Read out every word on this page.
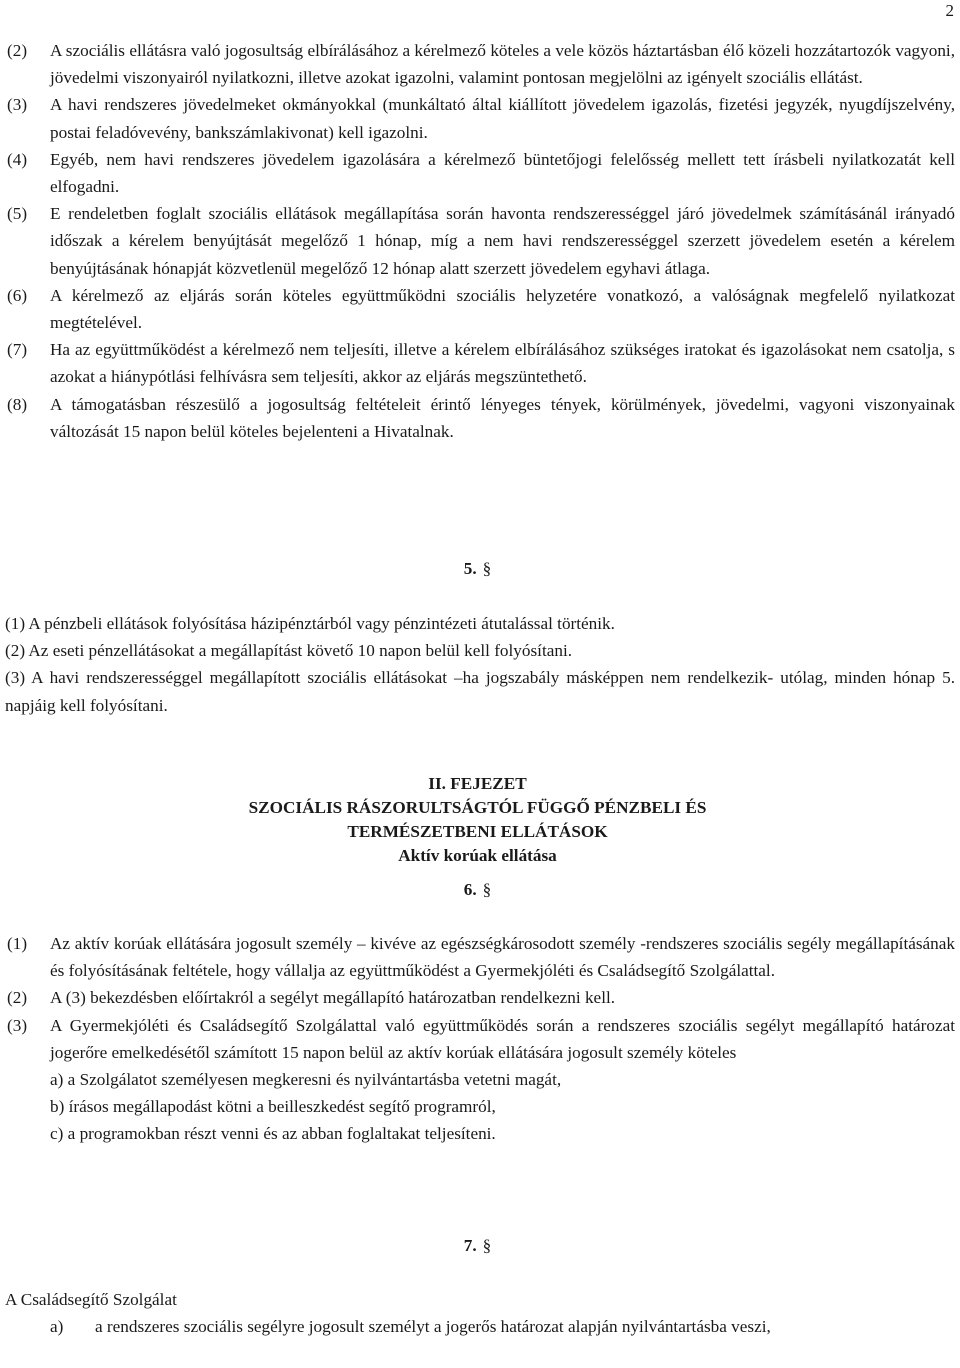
2
(2) A szociális ellátásra való jogosultság elbírálásához a kérelmező köteles a vele közös háztartásban élő közeli hozzátartozók vagyoni, jövedelmi viszonyairól nyilatkozni, illetve azokat igazolni, valamint pontosan megjelölni az igényelt szociális ellátást.
(3) A havi rendszeres jövedelmeket okmányokkal (munkáltató által kiállított jövedelem igazolás, fizetési jegyzék, nyugdíjszelvény, postai feladóvevény, bankszámlakivonat) kell igazolni.
(4) Egyéb, nem havi rendszeres jövedelem igazolására a kérelmező büntetőjogi felelősség mellett tett írásbeli nyilatkozatát kell elfogadni.
(5) E rendeletben foglalt szociális ellátások megállapítása során havonta rendszerességgel járó jövedelmek számításánál irányadó időszak a kérelem benyújtását megelőző 1 hónap, míg a nem havi rendszerességgel szerzett jövedelem esetén a kérelem benyújtásának hónapját közvetlenül megelőző 12 hónap alatt szerzett jövedelem egyhavi átlaga.
(6) A kérelmező az eljárás során köteles együttműködni szociális helyzetére vonatkozó, a valóságnak megfelelő nyilatkozat megtételével.
(7) Ha az együttműködést a kérelmező nem teljesíti, illetve a kérelem elbírálásához szükséges iratokat és igazolásokat nem csatolja, s azokat a hiánypótlási felhívásra sem teljesíti, akkor az eljárás megszüntethető.
(8) A támogatásban részesülő a jogosultság feltételeit érintő lényeges tények, körülmények, jövedelmi, vagyoni viszonyainak változását 15 napon belül köteles bejelenteni a Hivatalnak.
5. §
(1) A pénzbeli ellátások folyósítása házipénztárból vagy pénzintézeti átutalással történik.
(2) Az eseti pénzellátásokat a megállapítást követő 10 napon belül kell folyósítani.
(3) A havi rendszerességgel megállapított szociális ellátásokat –ha jogszabály másképpen nem rendelkezik- utólag, minden hónap 5. napjáig kell folyósítani.
II. FEJEZET
SZOCIÁLIS RÁSZORULTSÁGTÓL FÜGGŐ PÉNZBELI ÉS
TERMÉSZETBENI ELLÁTÁSOK
Aktív korúak ellátása
6. §
(1) Az aktív korúak ellátására jogosult személy – kivéve az egészségkárosodott személy -rendszeres szociális segély megállapításának és folyósításának feltétele, hogy vállalja az együttműködést a Gyermekjóléti és Családsegítő Szolgálattal.
(2) A (3) bekezdésben előírtakról a segélyt megállapító határozatban rendelkezni kell.
(3) A Gyermekjóléti és Családsegítő Szolgálattal való együttműködés során a rendszeres szociális segélyt megállapító határozat jogerőre emelkedésétől számított 15 napon belül az aktív korúak ellátására jogosult személy köteles
a) a Szolgálatot személyesen megkeresni és nyilvántartásba vetetni magát,
b) írásos megállapodást kötni a beilleszkedést segítő programról,
c) a programokban részt venni és az abban foglaltakat teljesíteni.
7. §
A Családsegítő Szolgálat
a) a rendszeres szociális segélyre jogosult személyt a jogerős határozat alapján nyilvántartásba veszi,
